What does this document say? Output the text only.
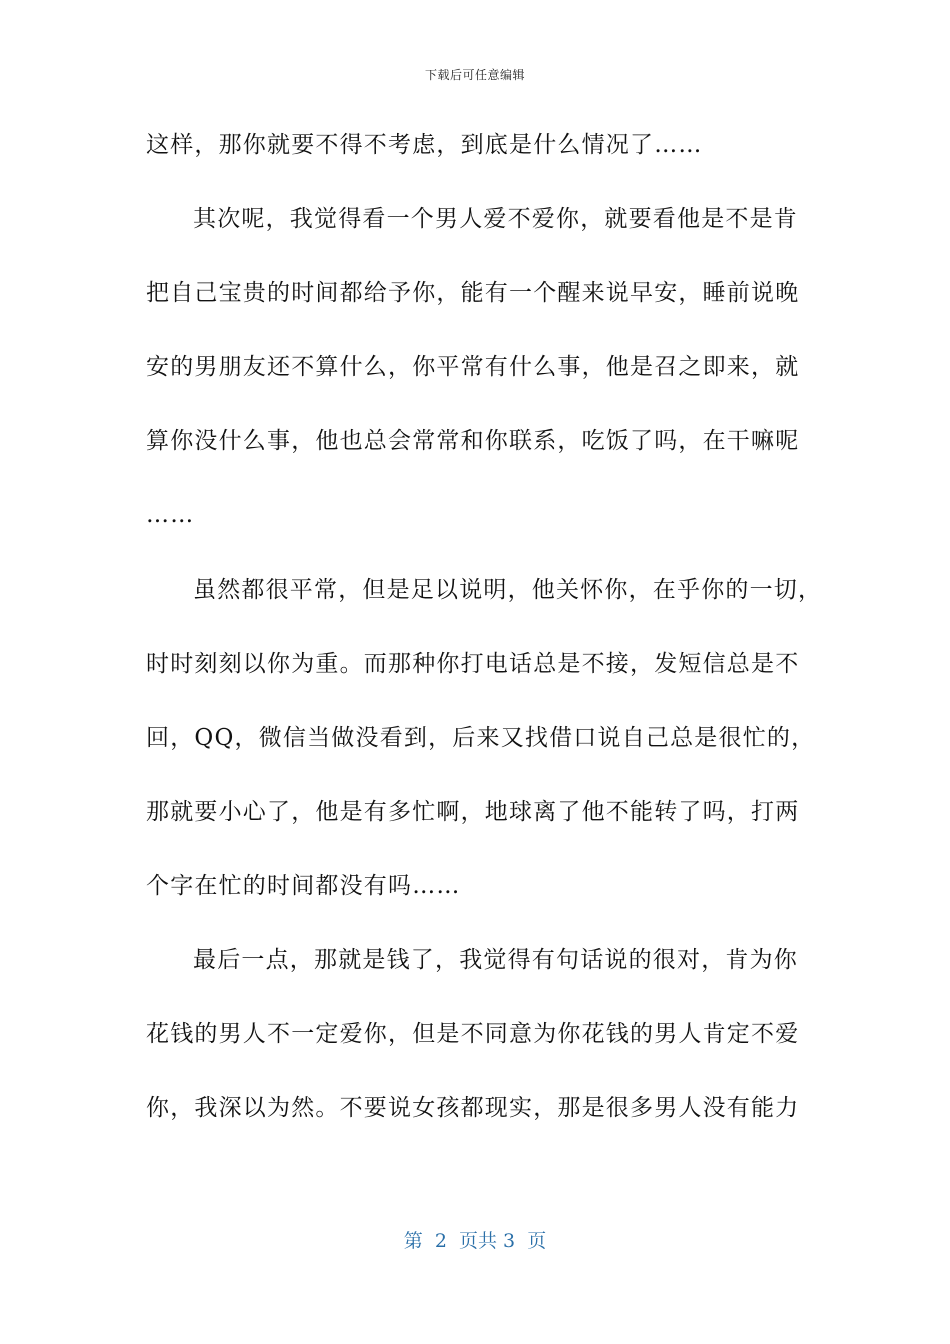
下载后可任意编辑
这样，那你就要不得不考虑，到底是什么情况了……
其次呢，我觉得看一个男人爱不爱你，就要看他是不是肯
把自己宝贵的时间都给予你，能有一个醒来说早安，睡前说晚
安的男朋友还不算什么，你平常有什么事，他是召之即来，就
算你没什么事，他也总会常常和你联系，吃饭了吗，在干嘛呢
……
虽然都很平常，但是足以说明，他关怀你，在乎你的一切，
时时刻刻以你为重。而那种你打电话总是不接，发短信总是不
回，QQ，微信当做没看到，后来又找借口说自己总是很忙的，
那就要小心了，他是有多忙啊，地球离了他不能转了吗，打两
个字在忙的时间都没有吗……
最后一点，那就是钱了，我觉得有句话说的很对，肯为你
花钱的男人不一定爱你，但是不同意为你花钱的男人肯定不爱
你，我深以为然。不要说女孩都现实，那是很多男人没有能力
第  2  页共 3  页
